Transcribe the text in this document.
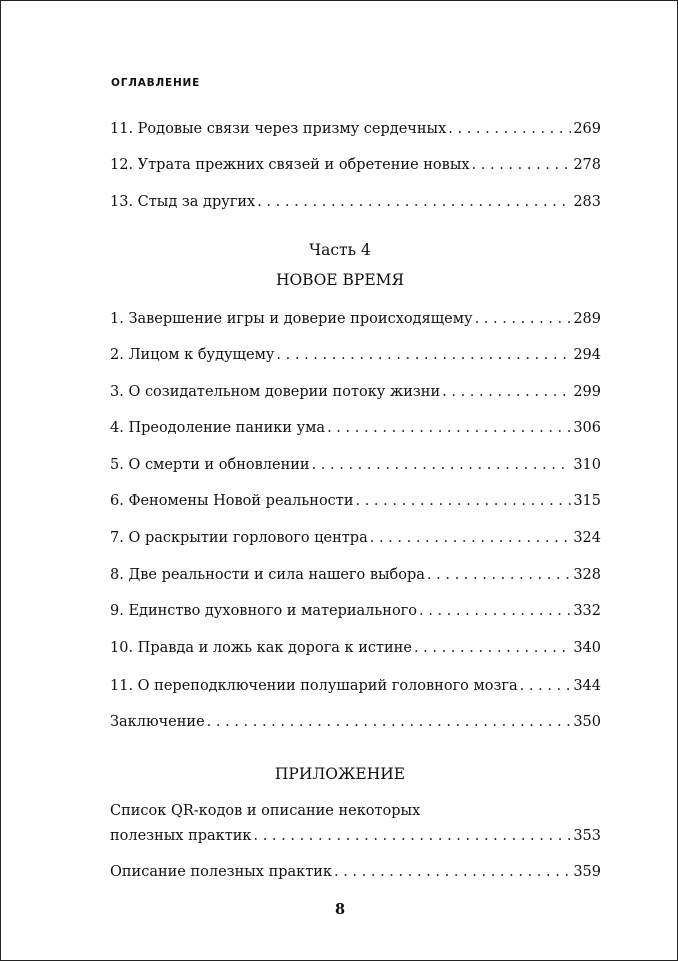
ОГЛАВЛЕНИЕ
11. Родовые связи через призму сердечных . . .	269
12. Утрата прежних связей и обретение новых . . .	278
13. Стыд за других . . .	283
Часть 4
НОВОЕ ВРЕМЯ
1. Завершение игры и доверие происходящему . . .	289
2. Лицом к будущему . . .	294
3. О созидательном доверии потоку жизни . . .	299
4. Преодоление паники ума . . .	306
5. О смерти и обновлении . . .	310
6. Феномены Новой реальности . . .	315
7. О раскрытии горлового центра . . .	324
8. Две реальности и сила нашего выбора . . .	328
9. Единство духовного и материального . . .	332
10. Правда и ложь как дорога к истине . . .	340
11. О переподключении полушарий головного мозга . . .	344
Заключение . . .	350
ПРИЛОЖЕНИЕ
Список QR-кодов и описание некоторых
полезных практик . . .	353
Описание полезных практик . . .	359
8
